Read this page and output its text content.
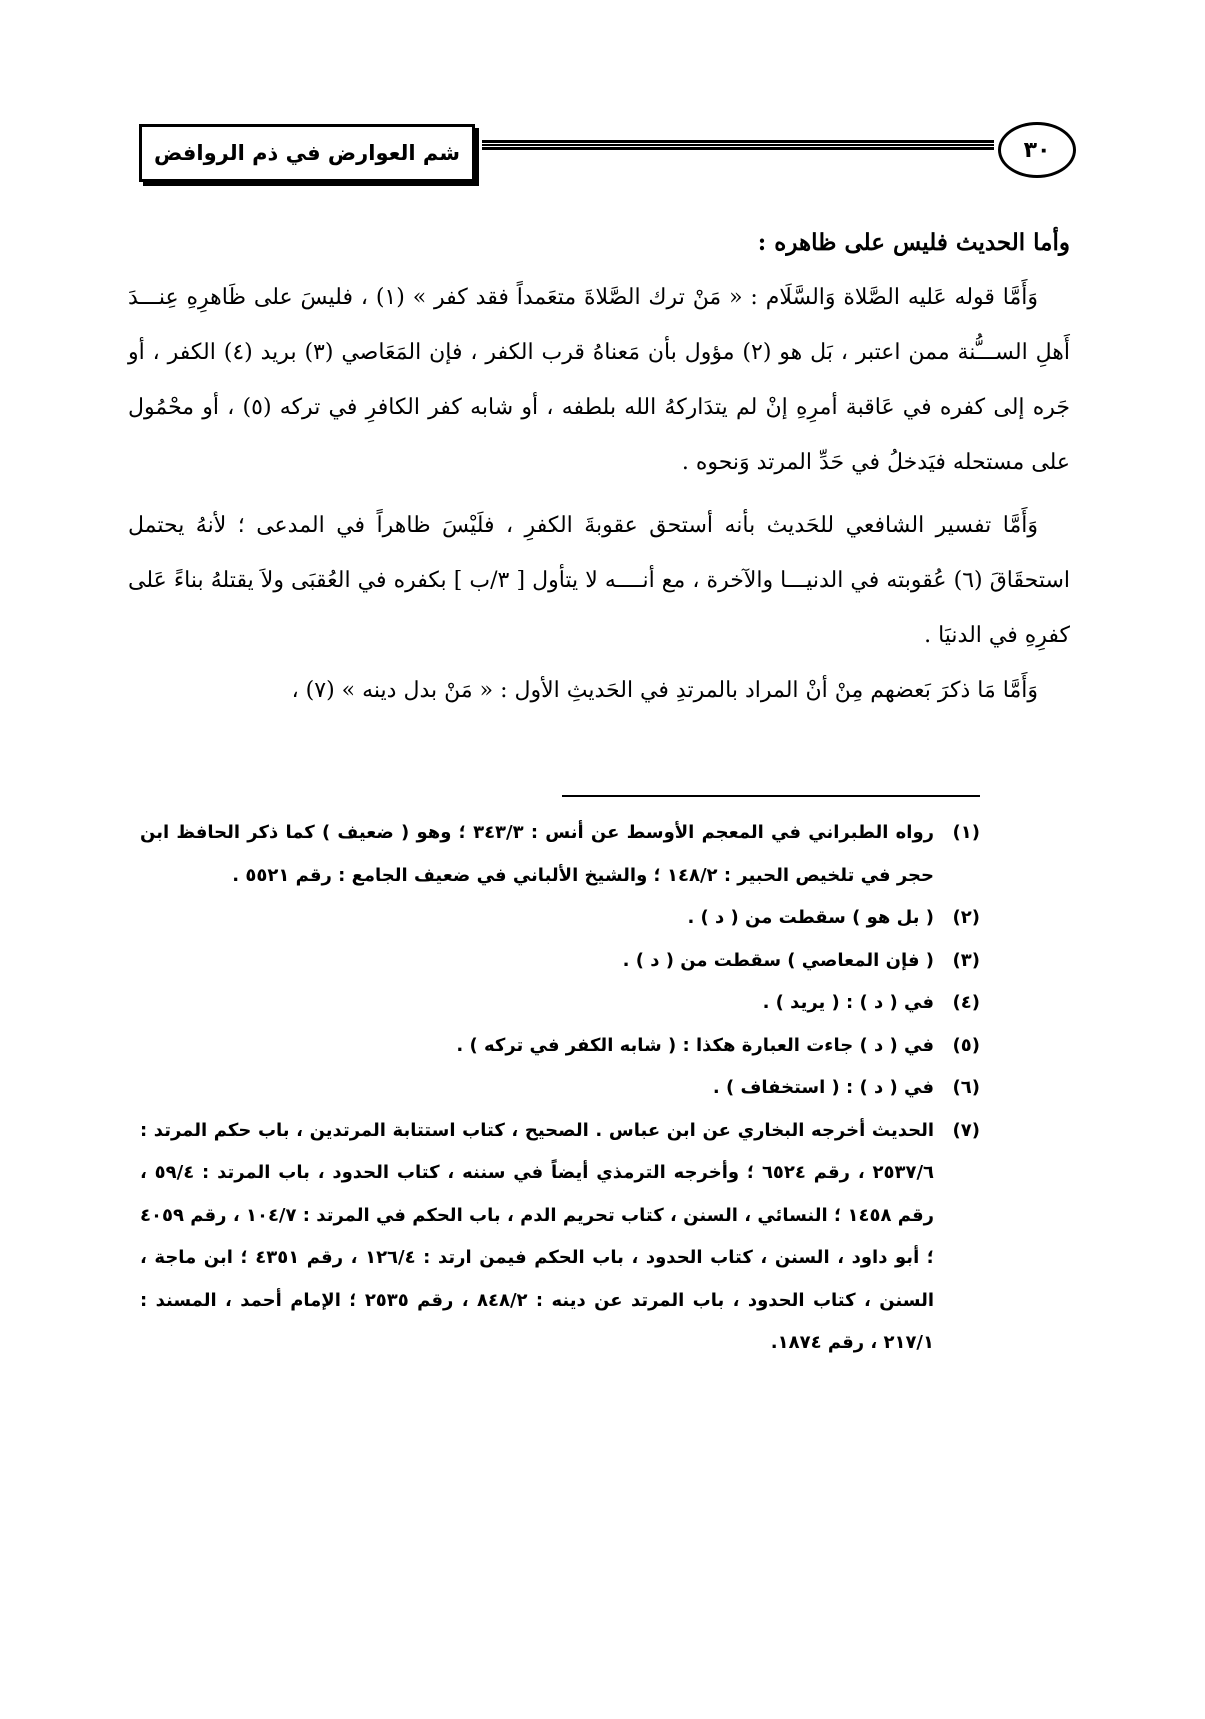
شم العوارض في ذم الروافض	٣٠

وأما الحديث فليس على ظاهره :

وَأَمَّا قوله عَليه الصَّلاة وَالسَّلَام : « مَنْ ترك الصَّلاةَ متعَمداً فقد كفر » (١) ، فليسَ على ظَاهرِهِ عِنـــدَ أَهلِ الســـُّنة ممن اعتبر ، بَل هو (٢) مؤول بأن مَعناهُ قرب الكفر ، فإن المَعَاصي (٣) بريد (٤) الكفر ، أو جَره إلى كفره في عَاقبة أمرِهِ إنْ لم يتدَاركهُ الله بلطفه ، أو شابه كفر الكافرِ في تركه (٥) ، أو محْمُول على مستحله فيَدخلُ في حَدِّ المرتد وَنحوه .

وَأَمَّا تفسير الشافعي للحَديث بأنه أستحق عقوبةَ الكفرِ ، فلَيْسَ ظاهراً في المدعى ؛ لأنهُ يحتمل استحقَاقَ (٦) عُقوبته في الدنيـــا والآخرة ، مع أنــــه لا يتأول [ ٣/ب ] بكفره في العُقبَى ولاَ يقتلهُ بناءً عَلى كفرِهِ في الدنيَا .

وَأَمَّا مَا ذكرَ بَعضهم مِنْ أنْ المراد بالمرتدِ في الحَديثِ الأول : « مَنْ بدل دينه » (٧) ،

(١)
رواه الطبراني في المعجم الأوسط عن أنس : ٣٤٣/٣ ؛ وهو ( ضعيف ) كما ذكر الحافظ ابن حجر في تلخيص الحبير : ١٤٨/٢ ؛ والشيخ الألباني في ضعيف الجامع : رقم ٥٥٢١ .
(٢)
( بل هو ) سقطت من ( د ) .
(٣)
( فإن المعاصي ) سقطت من ( د ) .
(٤)
في ( د ) : ( يريد ) .
(٥)
في ( د ) جاءت العبارة هكذا : ( شابه الكفر في تركه ) .
(٦)
في ( د ) : ( استخفاف ) .
(٧)
الحديث أخرجه البخاري عن ابن عباس . الصحيح ، كتاب استتابة المرتدين ، باب حكم المرتد : ٢٥٣٧/٦ ، رقم ٦٥٢٤ ؛ وأخرجه الترمذي أيضاً في سننه ، كتاب الحدود ، باب المرتد : ٥٩/٤ ، رقم ١٤٥٨ ؛ النسائي ، السنن ، كتاب تحريم الدم ، باب الحكم في المرتد : ١٠٤/٧ ، رقم ٤٠٥٩ ؛ أبو داود ، السنن ، كتاب الحدود ، باب الحكم فيمن ارتد : ١٢٦/٤ ، رقم ٤٣٥١ ؛ ابن ماجة ، السنن ، كتاب الحدود ، باب المرتد عن دينه : ٨٤٨/٢ ، رقم ٢٥٣٥ ؛ الإمام أحمد ، المسند : ٢١٧/١ ، رقم ١٨٧٤.
